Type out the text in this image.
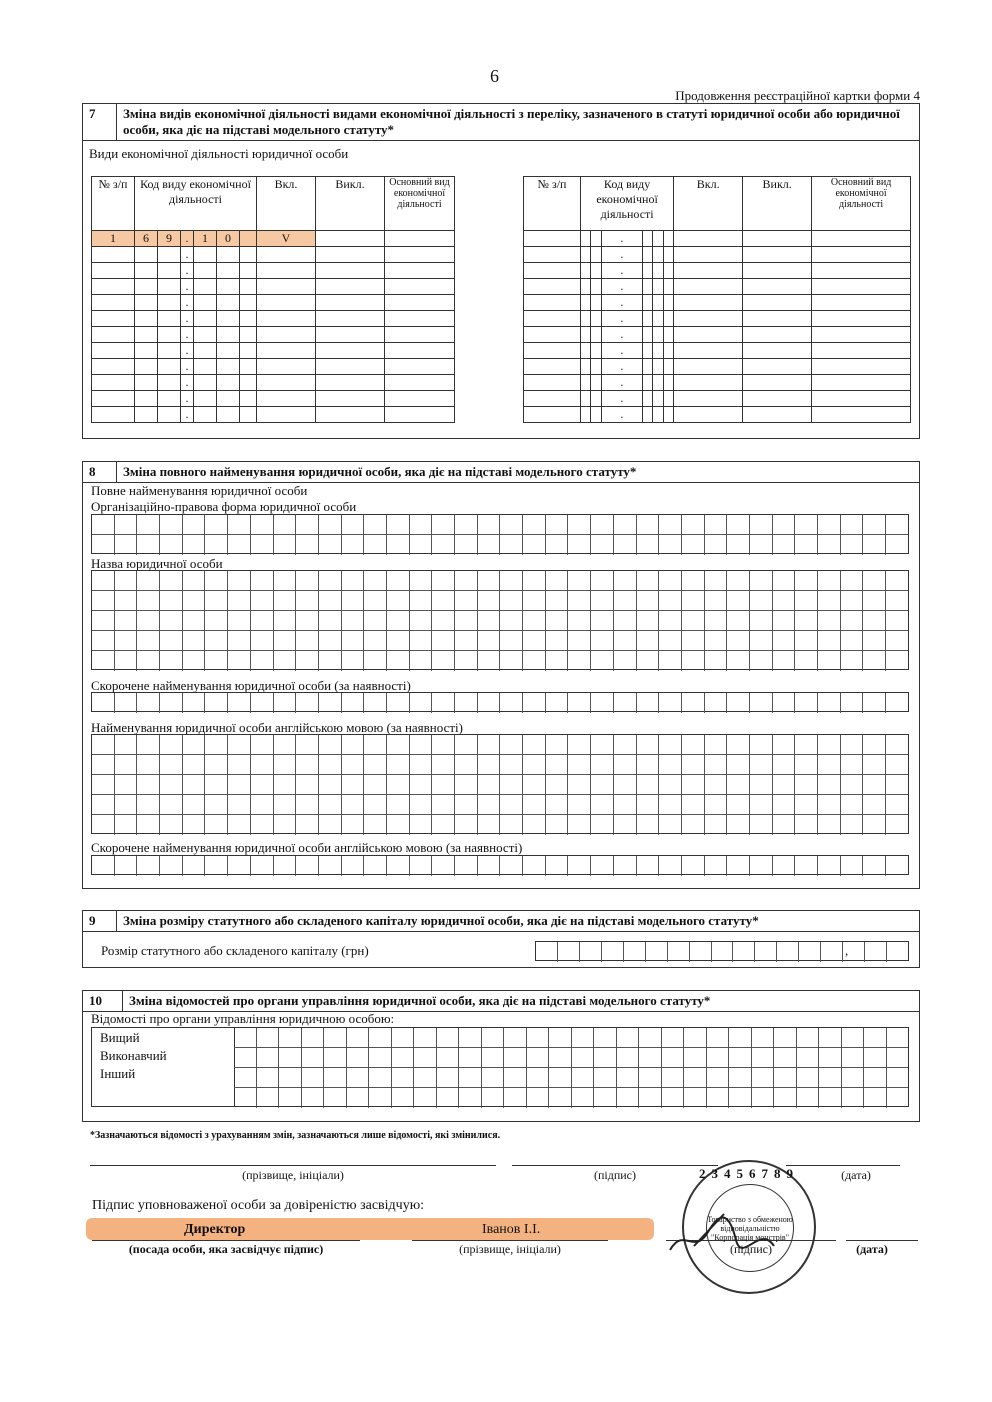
6
Продовження реєстраційної картки форми 4
7	Зміна видів економічної діяльності видами економічної діяльності з переліку, зазначеного в статуті юридичної особи або юридичної особи, яка діє на підставі модельного статуту*
Види економічної діяльності юридичної особи
№ з/п	Код виду економічної діяльності						Вкл.	Викл.	Основний вид економічної діяльності
1	6	9	.	1	0		V		
			.						
			.						
			.						
			.						
			.						
			.						
			.						
			.						
			.						
			.						
			.						
№ з/п	Код виду економічної діяльності						Вкл.	Викл.	Основний вид економічної діяльності
			.						
			.						
			.						
			.						
			.						
			.						
			.						
			.						
			.						
			.						
			.						
			.						
8	Зміна повного найменування юридичної особи, яка діє на підставі модельного статуту*
Повне найменування юридичної особи
Організаційно-правова форма юридичної особи
Назва юридичної особи
Скорочене найменування юридичної особи (за наявності)
Найменування юридичної особи англійською мовою (за наявності)
Скорочене найменування юридичної особи англійською мовою (за наявності)
9	Зміна розміру статутного або складеного капіталу юридичної особи, яка діє на підставі модельного статуту*
Розмір статутного або складеного капіталу (грн)	,
10	Зміна відомостей про органи управління юридичної особи, яка діє на підставі модельного статуту*
Відомості про органи управління юридичною особою:
Вищий
Виконавчий
Інший
*Зазначаються відомості з урахуванням змін, зазначаються лише відомості, які змінилися.
(прізвище, ініціали)	(підпис)	(дата)
Підпис уповноваженої особи за довіреністю засвідчую:
Директор	Іванов І.І.
(посада особи, яка засвідчує підпис)	(прізвище, ініціали)	(підпис)	(дата)
23456789
Товариство з обмеженою відповідальністю "Корпорація монстрів"
